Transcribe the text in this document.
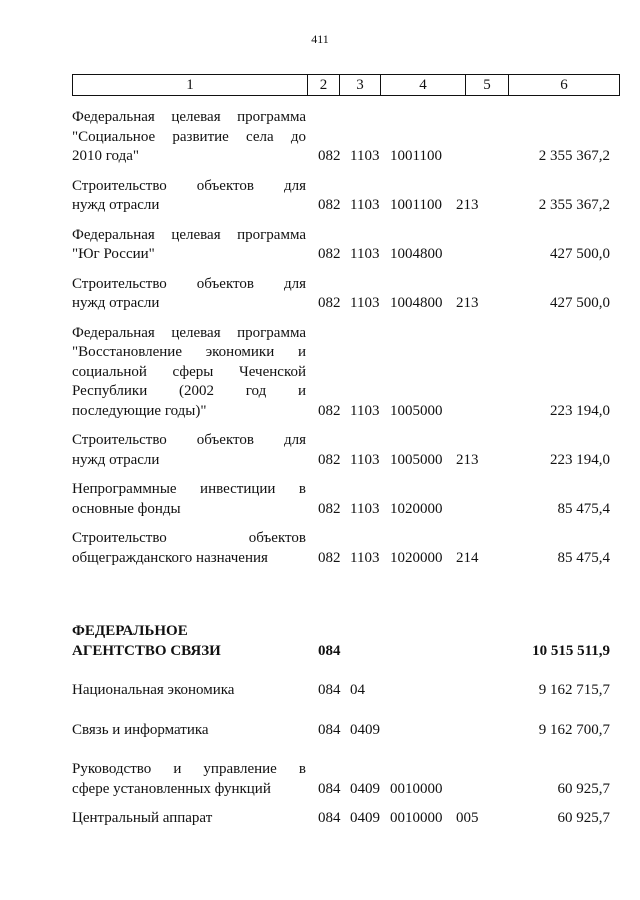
411
1	2	3	4	5	6
Федеральная целевая программа
"Социальное развитие села до
2010 года"	082 1103 1001100	2 355 367,2
Строительство объектов для
нужд отрасли	082 1103 1001100 213	2 355 367,2
Федеральная целевая программа
"Юг России"	082 1103 1004800	427 500,0
Строительство объектов для
нужд отрасли	082 1103 1004800 213	427 500,0
Федеральная целевая программа
"Восстановление экономики и
социальной сферы Чеченской
Республики (2002 год и
последующие годы)"	082 1103 1005000	223 194,0
Строительство объектов для
нужд отрасли	082 1103 1005000 213	223 194,0
Непрограммные инвестиции в
основные фонды	082 1103 1020000	85 475,4
Строительство объектов
общегражданского назначения	082 1103 1020000 214	85 475,4
ФЕДЕРАЛЬНОЕ
АГЕНТСТВО СВЯЗИ	084	10 515 511,9
Национальная экономика	084 04	9 162 715,7
Связь и информатика	084 0409	9 162 700,7
Руководство и управление в
сфере установленных функций	084 0409 0010000	60 925,7
Центральный аппарат	084 0409 0010000 005	60 925,7
